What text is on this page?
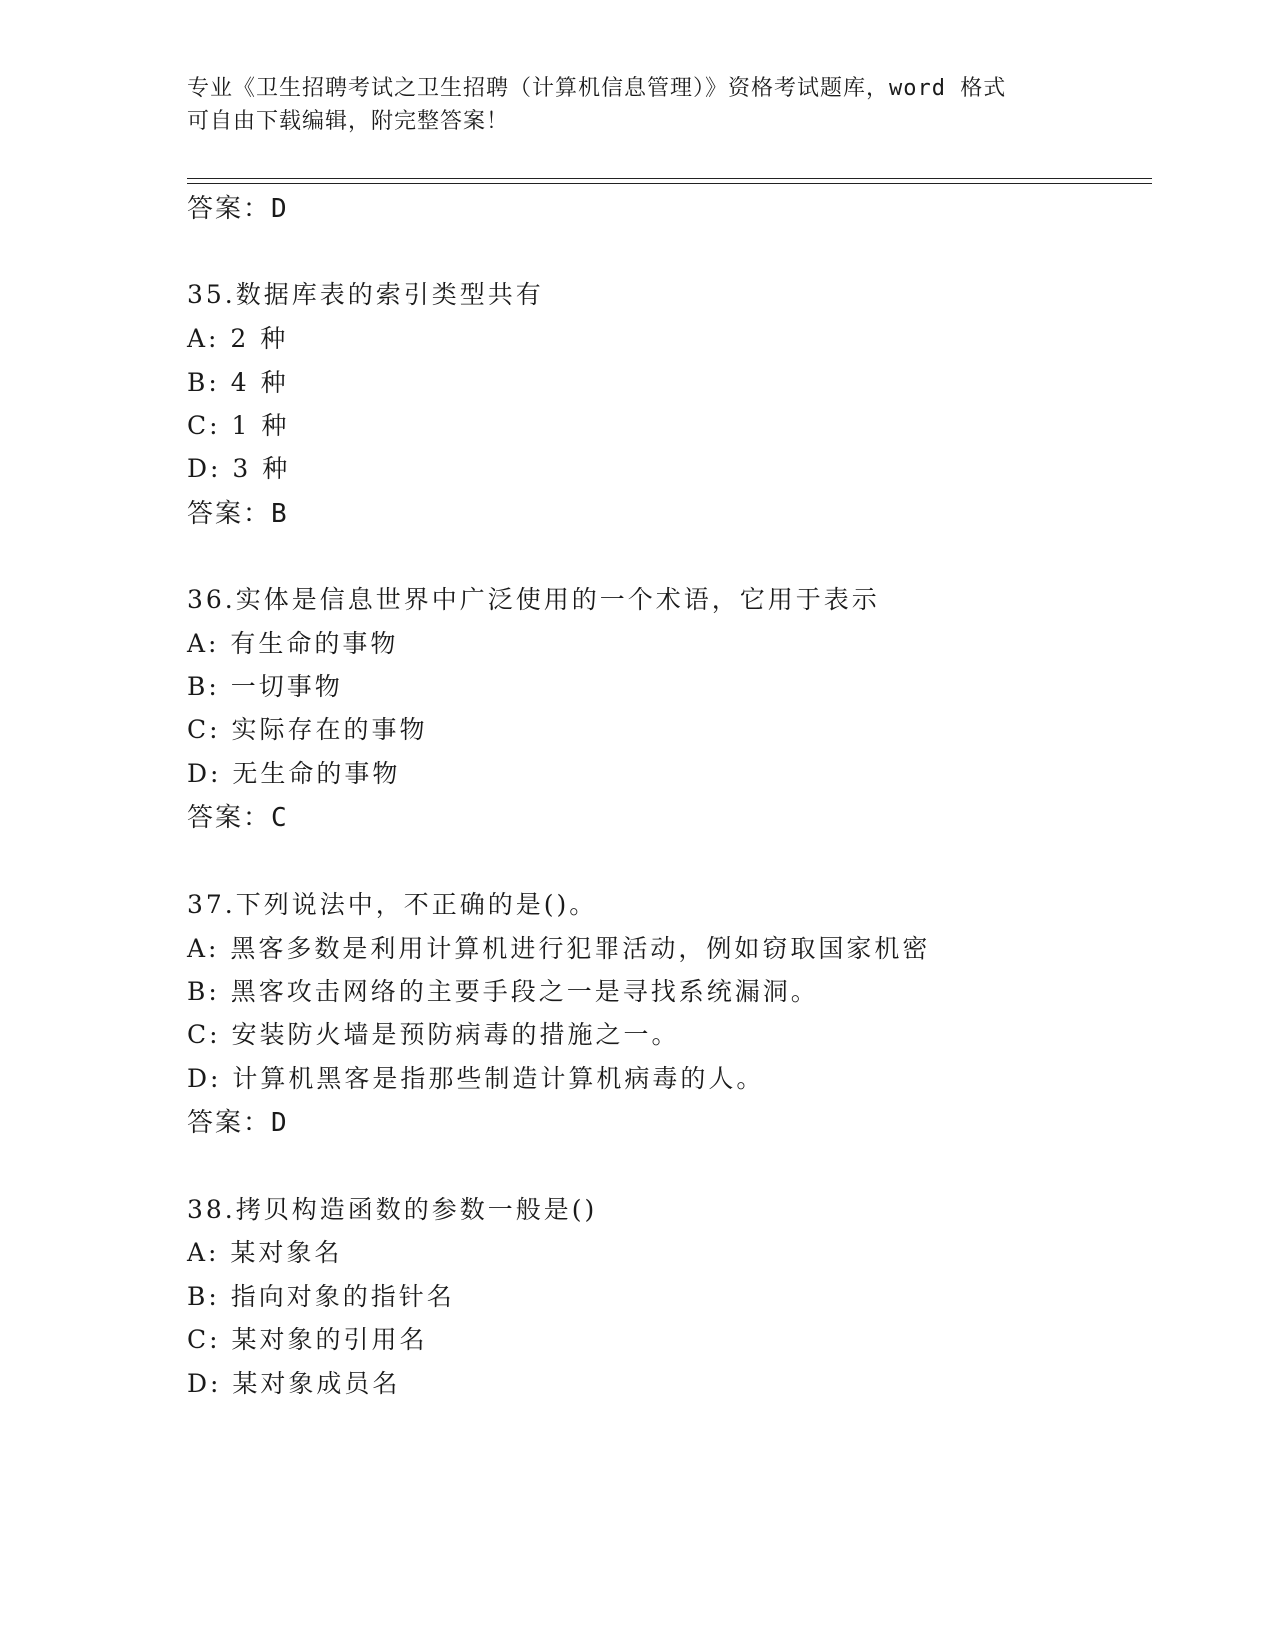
专业《卫生招聘考试之卫生招聘（计算机信息管理）》资格考试题库，word 格式
可自由下载编辑，附完整答案！
答案：D
35.数据库表的索引类型共有
A: 2 种
B: 4 种
C: 1 种
D: 3 种
答案：B
36.实体是信息世界中广泛使用的一个术语，它用于表示
A: 有生命的事物
B: 一切事物
C: 实际存在的事物
D: 无生命的事物
答案：C
37.下列说法中，不正确的是()。
A: 黑客多数是利用计算机进行犯罪活动，例如窃取国家机密
B: 黑客攻击网络的主要手段之一是寻找系统漏洞。
C: 安装防火墙是预防病毒的措施之一。
D: 计算机黑客是指那些制造计算机病毒的人。
答案：D
38.拷贝构造函数的参数一般是()
A: 某对象名
B: 指向对象的指针名
C: 某对象的引用名
D: 某对象成员名
